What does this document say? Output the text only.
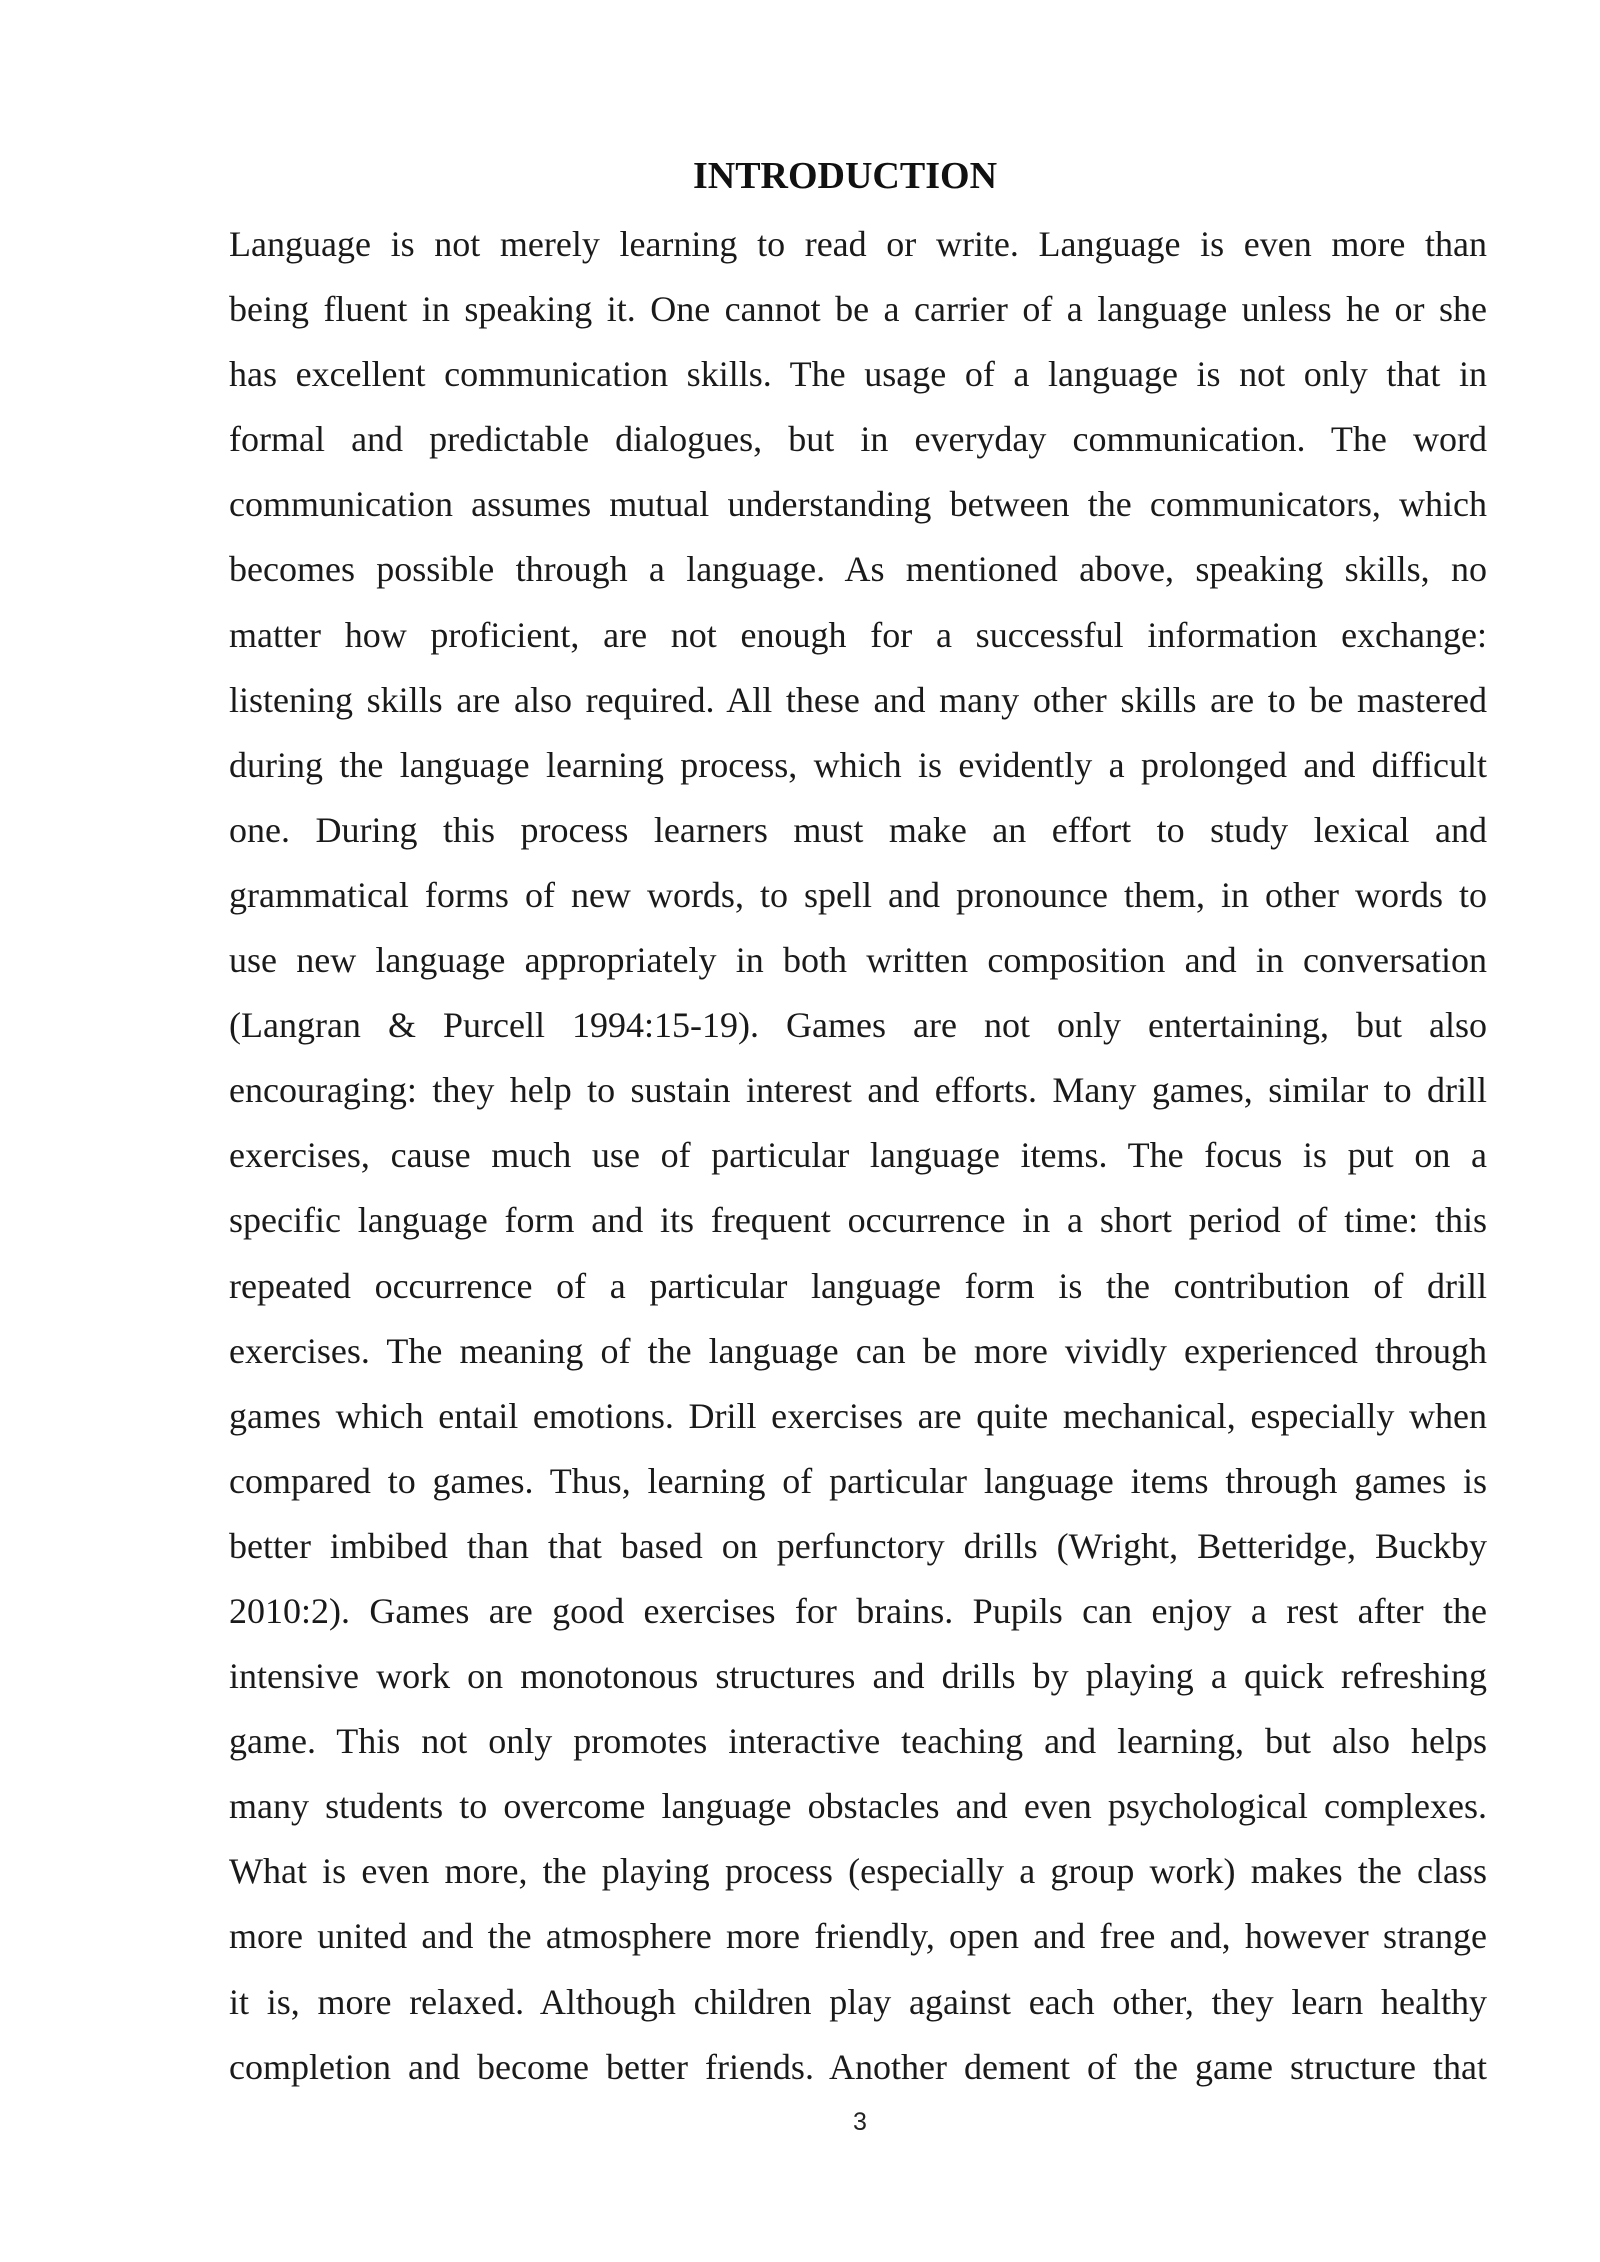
INTRODUCTION
Language is not merely learning to read or write. Language is even more than
being fluent in speaking it. One cannot be a carrier of a language unless he or she
has excellent communication skills. The usage of a language is not only that in
formal and predictable dialogues, but in everyday communication. The word
communication assumes mutual understanding between the communicators, which
becomes possible through a language. As mentioned above, speaking skills, no
matter how proficient, are not enough for a successful information exchange:
listening skills are also required. All these and many other skills are to be mastered
during the language learning process, which is evidently a prolonged and difficult
one. During this process learners must make an effort to study lexical and
grammatical forms of new words, to spell and pronounce them, in other words to
use new language appropriately in both written composition and in conversation
(Langran & Purcell 1994:15-19). Games are not only entertaining, but also
encouraging: they help to sustain interest and efforts. Many games, similar to drill
exercises, cause much use of particular language items. The focus is put on a
specific language form and its frequent occurrence in a short period of time: this
repeated occurrence of a particular language form is the contribution of drill
exercises. The meaning of the language can be more vividly experienced through
games which entail emotions. Drill exercises are quite mechanical, especially when
compared to games. Thus, learning of particular language items through games is
better imbibed than that based on perfunctory drills (Wright, Betteridge, Buckby
2010:2). Games are good exercises for brains. Pupils can enjoy a rest after the
intensive work on monotonous structures and drills by playing a quick refreshing
game. This not only promotes interactive teaching and learning, but also helps
many students to overcome language obstacles and even psychological complexes.
What is even more, the playing process (especially a group work) makes the class
more united and the atmosphere more friendly, open and free and, however strange
it is, more relaxed. Although children play against each other, they learn healthy
completion and become better friends. Another dement of the game structure that
3
